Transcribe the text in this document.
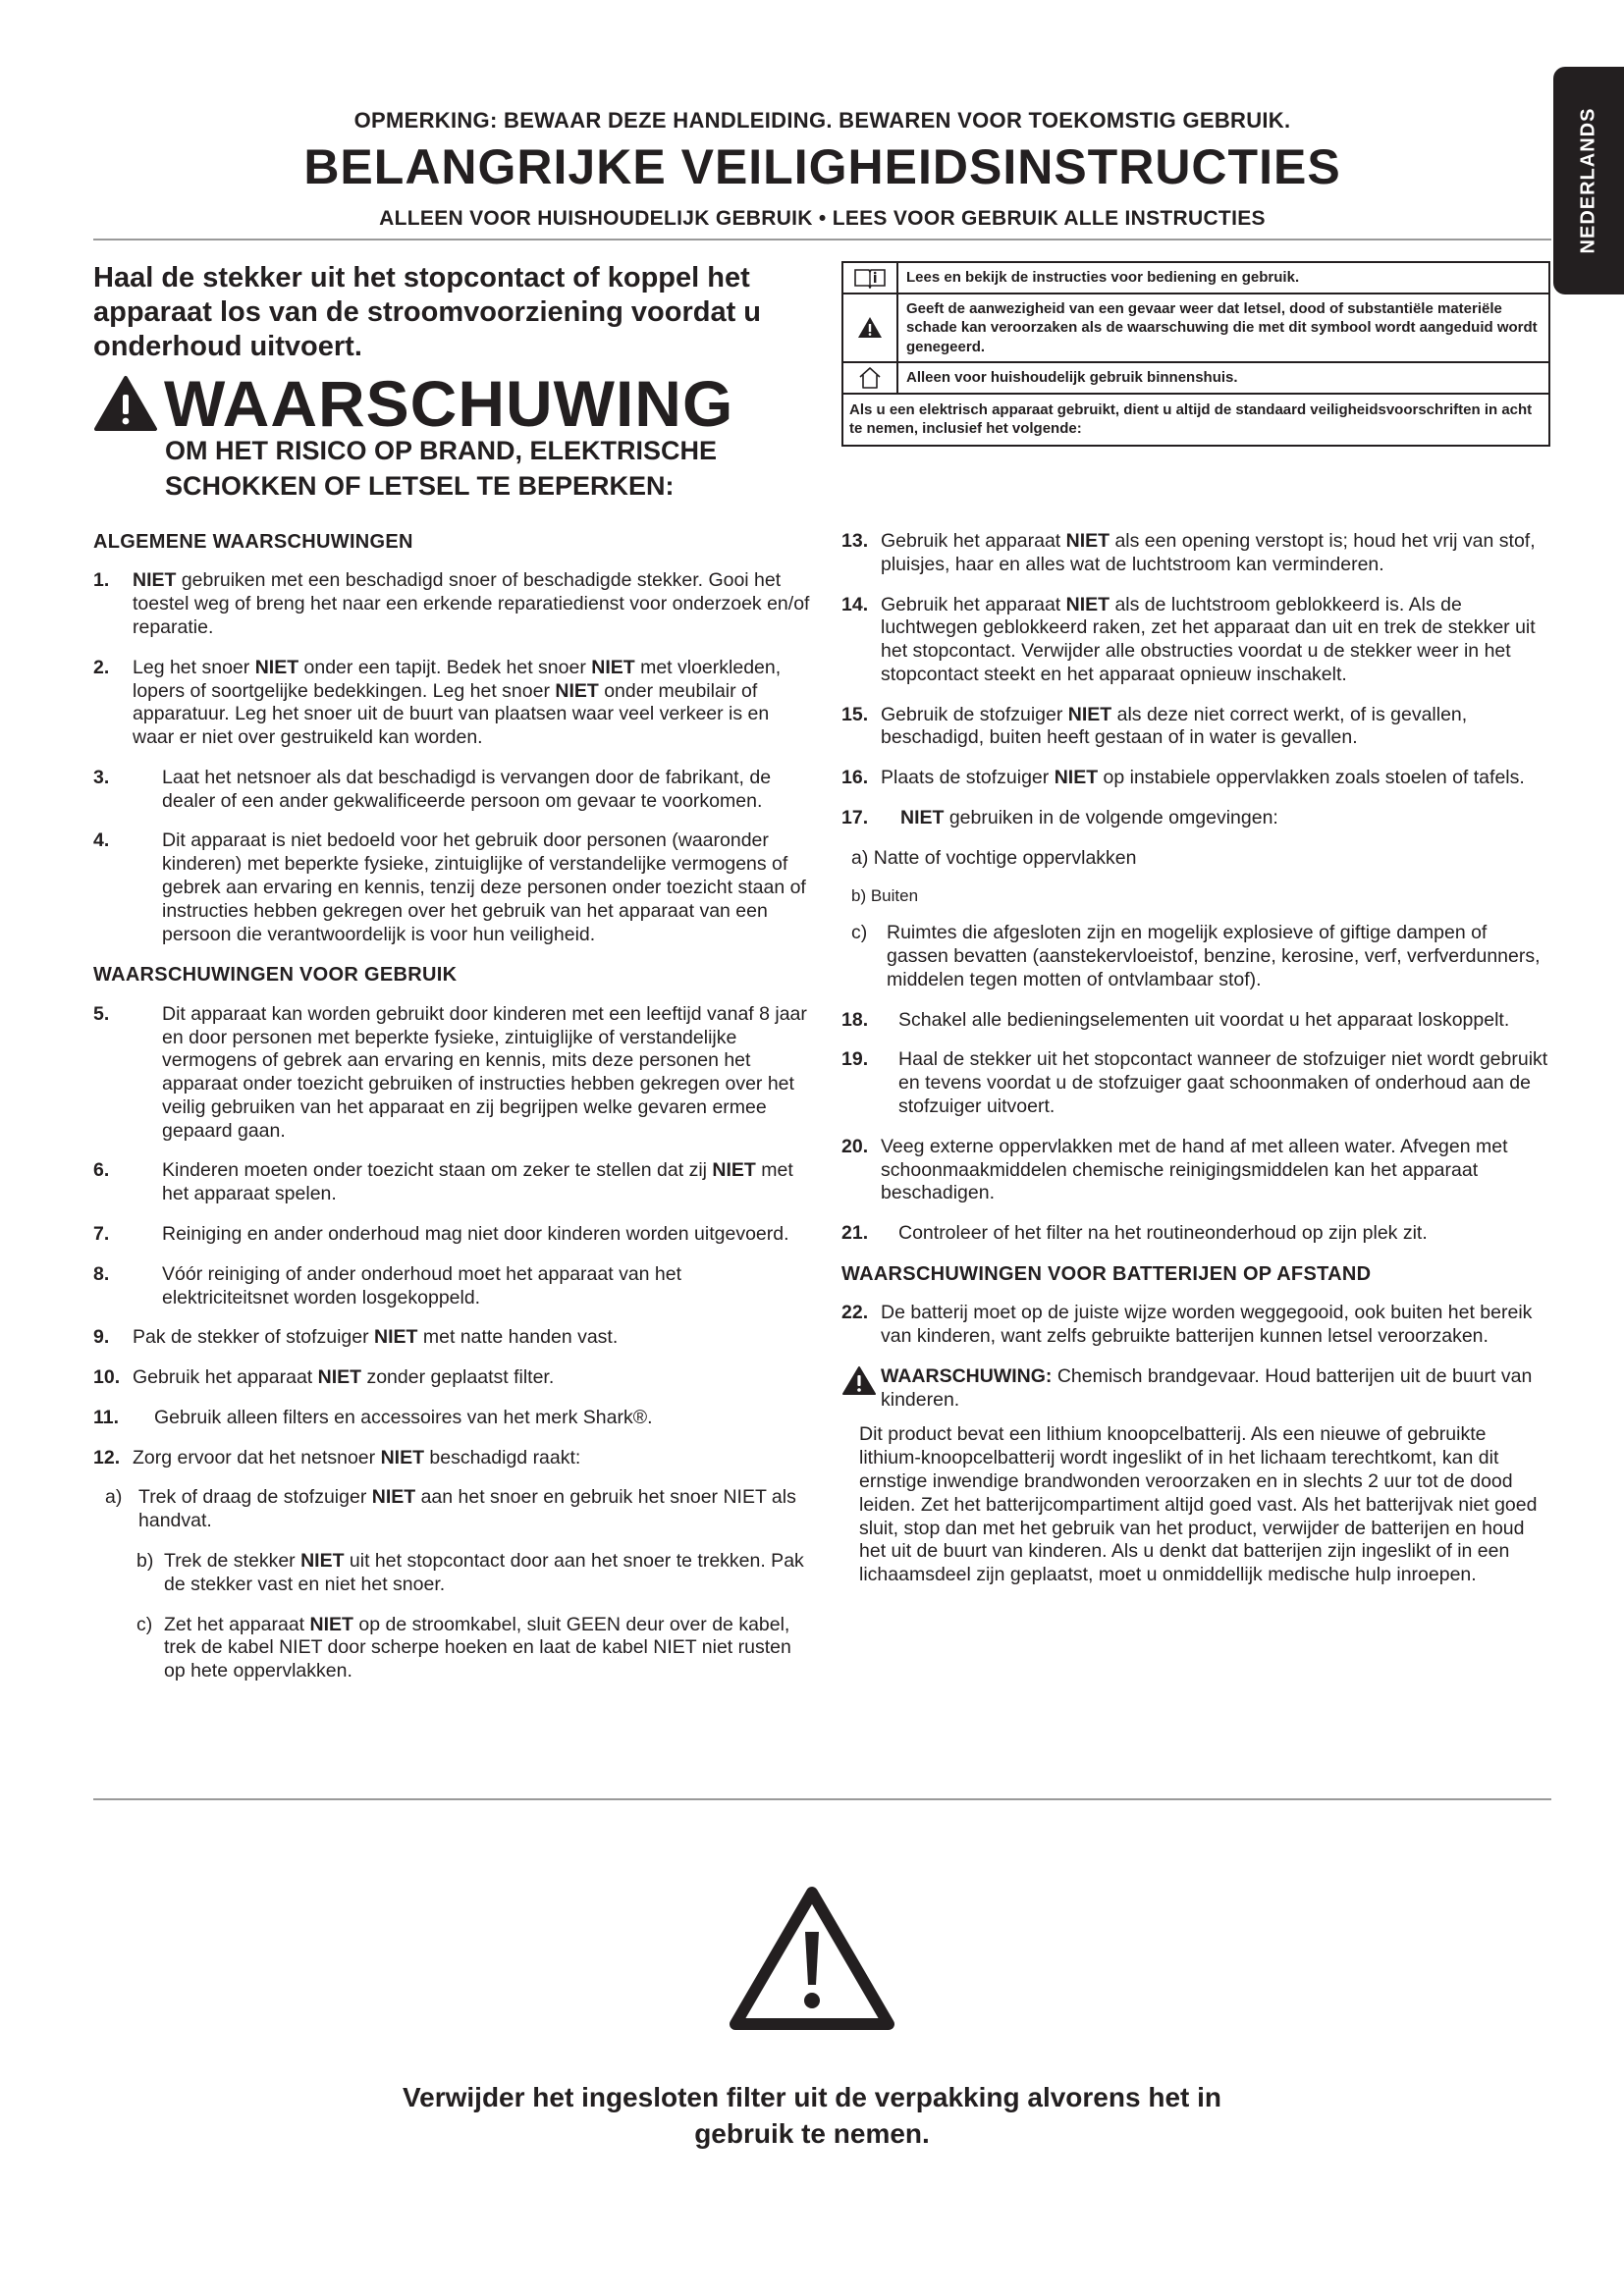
NEDERLANDS
OPMERKING: BEWAAR DEZE HANDLEIDING. BEWAREN VOOR TOEKOMSTIG GEBRUIK.
BELANGRIJKE VEILIGHEIDSINSTRUCTIES
ALLEEN VOOR HUISHOUDELIJK GEBRUIK • LEES VOOR GEBRUIK ALLE INSTRUCTIES
Haal de stekker uit het stopcontact of koppel het apparaat los van de stroomvoorziening voordat u onderhoud uitvoert.
WAARSCHUWING
OM HET RISICO OP BRAND, ELEKTRISCHE SCHOKKEN OF LETSEL TE BEPERKEN:
Lees en bekijk de instructies voor bediening en gebruik.
Geeft de aanwezigheid van een gevaar weer dat letsel, dood of substantiële materiële schade kan veroorzaken als de waarschuwing die met dit symbool wordt aangeduid wordt genegeerd.
Alleen voor huishoudelijk gebruik binnenshuis.
Als u een elektrisch apparaat gebruikt, dient u altijd de standaard veiligheidsvoorschriften in acht te nemen, inclusief het volgende:
ALGEMENE WAARSCHUWINGEN
1.	NIET gebruiken met een beschadigd snoer of beschadigde stekker. Gooi het toestel weg of breng het naar een erkende reparatiedienst voor onderzoek en/of reparatie.
2.	Leg het snoer NIET onder een tapijt. Bedek het snoer NIET met vloerkleden, lopers of soortgelijke bedekkingen. Leg het snoer NIET onder meubilair of apparatuur. Leg het snoer uit de buurt van plaatsen waar veel verkeer is en waar er niet over gestruikeld kan worden.
3.	Laat het netsnoer als dat beschadigd is vervangen door de fabrikant, de dealer of een ander gekwalificeerde persoon om gevaar te voorkomen.
4.	Dit apparaat is niet bedoeld voor het gebruik door personen (waaronder kinderen) met beperkte fysieke, zintuiglijke of verstandelijke vermogens of gebrek aan ervaring en kennis, tenzij deze personen onder toezicht staan of instructies hebben gekregen over het gebruik van het apparaat van een persoon die verantwoordelijk is voor hun veiligheid.
WAARSCHUWINGEN VOOR GEBRUIK
5.	Dit apparaat kan worden gebruikt door kinderen met een leeftijd vanaf 8 jaar en door personen met beperkte fysieke, zintuiglijke of verstandelijke vermogens of gebrek aan ervaring en kennis, mits deze personen het apparaat onder toezicht gebruiken of instructies hebben gekregen over het veilig gebruiken van het apparaat en zij begrijpen welke gevaren ermee gepaard gaan.
6.	Kinderen moeten onder toezicht staan om zeker te stellen dat zij NIET met het apparaat spelen.
7.	Reiniging en ander onderhoud mag niet door kinderen worden uitgevoerd.
8.	Vóór reiniging of ander onderhoud moet het apparaat van het elektriciteitsnet worden losgekoppeld.
9.	Pak de stekker of stofzuiger NIET met natte handen vast.
10. Gebruik het apparaat NIET zonder geplaatst filter.
11.	Gebruik alleen filters en accessoires van het merk Shark®.
12. Zorg ervoor dat het netsnoer NIET beschadigd raakt:
a) Trek of draag de stofzuiger NIET aan het snoer en gebruik het snoer NIET als handvat.
b) Trek de stekker NIET uit het stopcontact door aan het snoer te trekken. Pak de stekker vast en niet het snoer.
c) Zet het apparaat NIET op de stroomkabel, sluit GEEN deur over de kabel, trek de kabel NIET door scherpe hoeken en laat de kabel NIET niet rusten op hete oppervlakken.
13. Gebruik het apparaat NIET als een opening verstopt is; houd het vrij van stof, pluisjes, haar en alles wat de luchtstroom kan verminderen.
14. Gebruik het apparaat NIET als de luchtstroom geblokkeerd is. Als de luchtwegen geblokkeerd raken, zet het apparaat dan uit en trek de stekker uit het stopcontact. Verwijder alle obstructies voordat u de stekker weer in het stopcontact steekt en het apparaat opnieuw inschakelt.
15. Gebruik de stofzuiger NIET als deze niet correct werkt, of is gevallen, beschadigd, buiten heeft gestaan of in water is gevallen.
16. Plaats de stofzuiger NIET op instabiele oppervlakken zoals stoelen of tafels.
17.	NIET gebruiken in de volgende omgevingen:
a) Natte of vochtige oppervlakken
b) Buiten
c)	Ruimtes die afgesloten zijn en mogelijk explosieve of giftige dampen of gassen bevatten (aanstekervloeistof, benzine, kerosine, verf, verfverdunners, middelen tegen motten of ontvlambaar stof).
18.	Schakel alle bedieningselementen uit voordat u het apparaat loskoppelt.
19.	Haal de stekker uit het stopcontact wanneer de stofzuiger niet wordt gebruikt en tevens voordat u de stofzuiger gaat schoonmaken of onderhoud aan de stofzuiger uitvoert.
20. Veeg externe oppervlakken met de hand af met alleen water. Afvegen met schoonmaakmiddelen chemische reinigingsmiddelen kan het apparaat beschadigen.
21.	Controleer of het filter na het routineonderhoud op zijn plek zit.
WAARSCHUWINGEN VOOR BATTERIJEN OP AFSTAND
22. De batterij moet op de juiste wijze worden weggegooid, ook buiten het bereik van kinderen, want zelfs gebruikte batterijen kunnen letsel veroorzaken.
WAARSCHUWING: Chemisch brandgevaar. Houd batterijen uit de buurt van kinderen.
Dit product bevat een lithium knoopcelbatterij. Als een nieuwe of gebruikte lithium-knoopcelbatterij wordt ingeslikt of in het lichaam terechtkomt, kan dit ernstige inwendige brandwonden veroorzaken en in slechts 2 uur tot de dood leiden. Zet het batterijcompartiment altijd goed vast. Als het batterijvak niet goed sluit, stop dan met het gebruik van het product, verwijder de batterijen en houd het uit de buurt van kinderen. Als u denkt dat batterijen zijn ingeslikt of in een lichaamsdeel zijn geplaatst, moet u onmiddellijk medische hulp inroepen.
Verwijder het ingesloten filter uit de verpakking alvorens het in gebruik te nemen.
